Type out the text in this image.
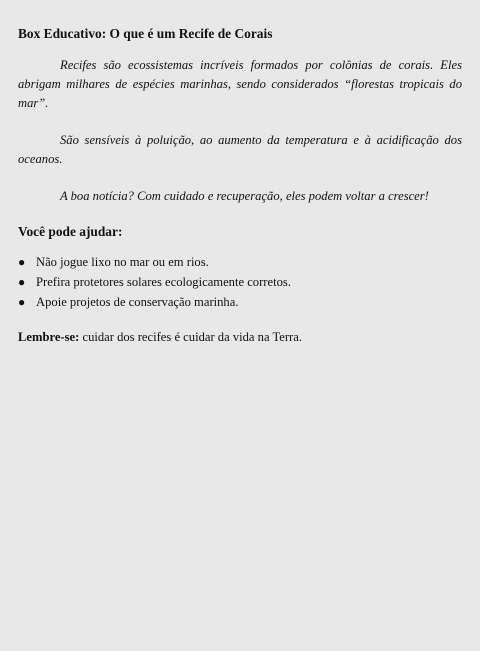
Box Educativo: O que é um Recife de Corais

Recifes são ecossistemas incríveis formados por colônias de corais. Eles abrigam milhares de espécies marinhas, sendo considerados “florestas tropicais do mar”.

São sensíveis à poluição, ao aumento da temperatura e à acidificação dos oceanos.

A boa notícia? Com cuidado e recuperação, eles podem voltar a crescer!

Você pode ajudar:
● Não jogue lixo no mar ou em rios.
● Prefira protetores solares ecologicamente corretos.
● Apoie projetos de conservação marinha.

Lembre-se: cuidar dos recifes é cuidar da vida na Terra.
